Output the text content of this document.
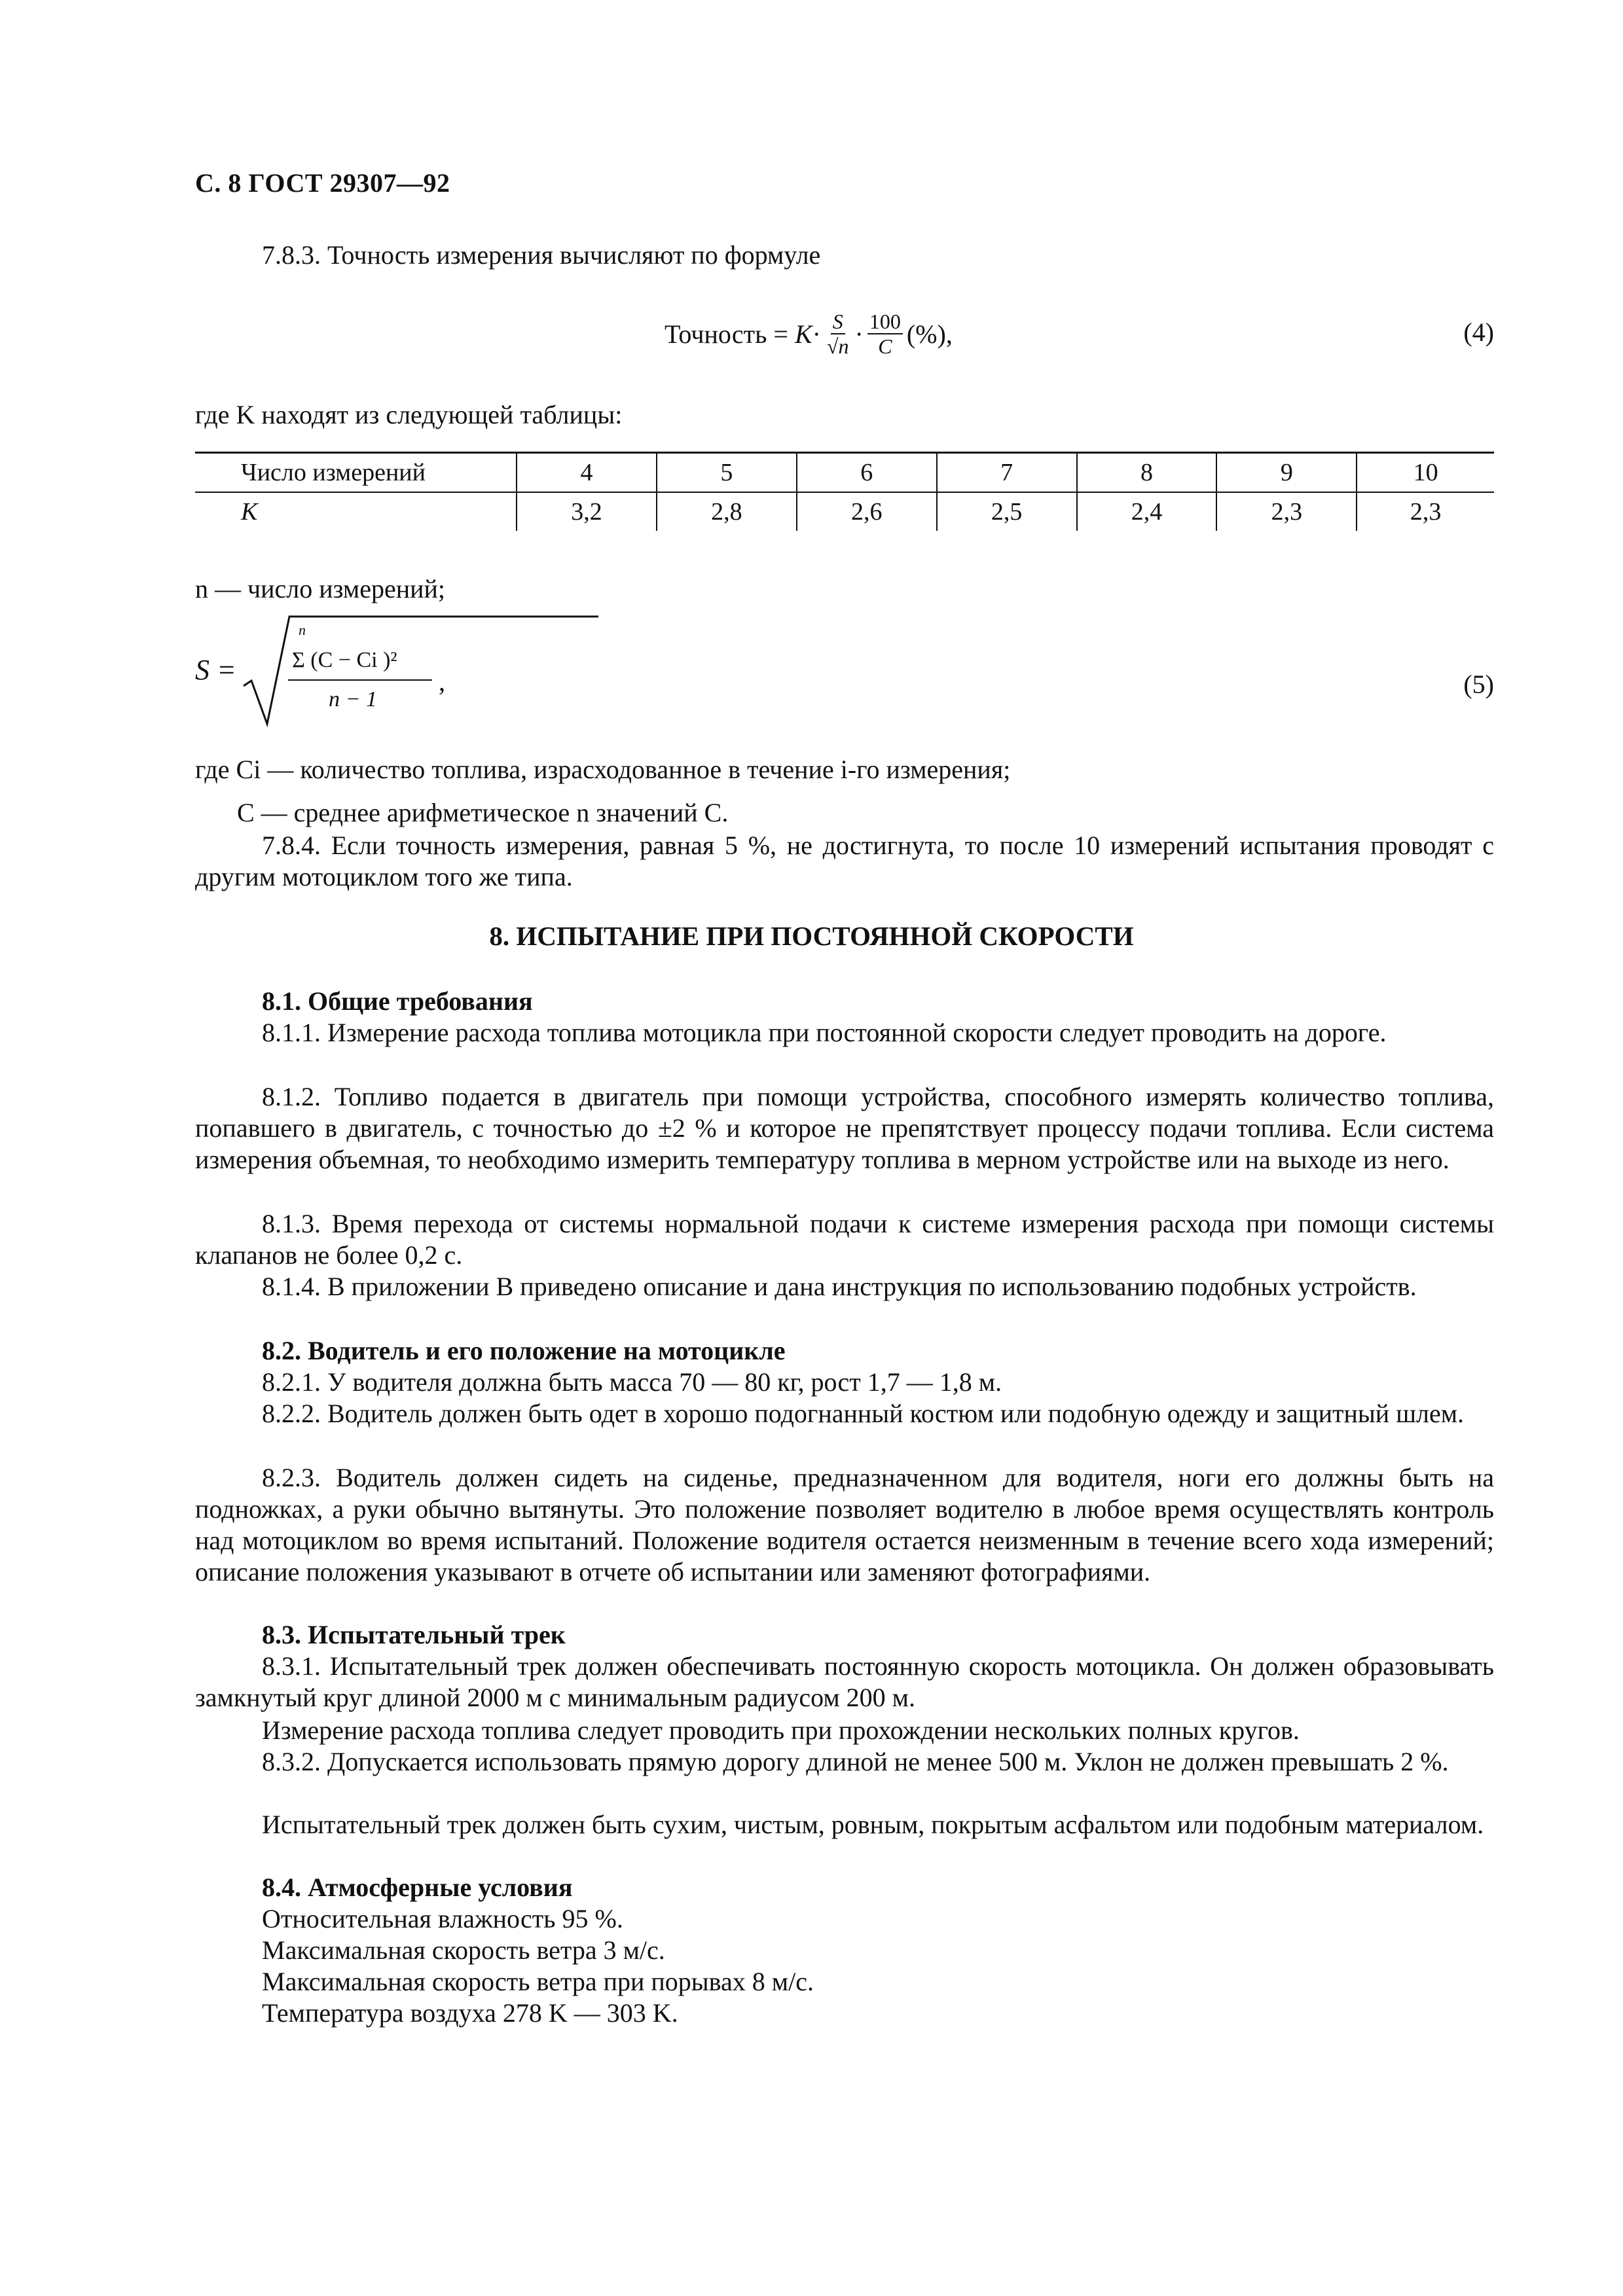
С. 8 ГОСТ 29307—92
7.8.3. Точность измерения вычисляют по формуле
Точность =
$K \cdot \frac{S}{√n} \cdot \frac{100}{C}$ (%),	(4)
где K находят из следующей таблицы:
Число измерений	4	5	6	7	8	9	10
K	3,2	2,8	2,6	2,5	2,4	2,3	2,3
n — число измерений;
S =
n
Σ (C − Ci )²
n − 1
,	(5)
где Ci — количество топлива, израсходованное в течение i-го измерения;
C — среднее арифметическое n значений C.
7.8.4. Если точность измерения, равная 5 %, не достигнута, то после 10 измерений испытания проводят с другим мотоциклом того же типа.
8. ИСПЫТАНИЕ ПРИ ПОСТОЯННОЙ СКОРОСТИ
8.1. Общие требования
8.1.1. Измерение расхода топлива мотоцикла при постоянной скорости следует проводить на дороге.
8.1.2. Топливо подается в двигатель при помощи устройства, способного измерять количество топлива, попавшего в двигатель, с точностью до ±2 % и которое не препятствует процессу подачи топлива. Если система измерения объемная, то необходимо измерить температуру топлива в мерном устройстве или на выходе из него.
8.1.3. Время перехода от системы нормальной подачи к системе измерения расхода при помощи системы клапанов не более 0,2 с.
8.1.4. В приложении В приведено описание и дана инструкция по использованию подобных устройств.
8.2. Водитель и его положение на мотоцикле
8.2.1. У водителя должна быть масса 70 — 80 кг, рост 1,7 — 1,8 м.
8.2.2. Водитель должен быть одет в хорошо подогнанный костюм или подобную одежду и защитный шлем.
8.2.3. Водитель должен сидеть на сиденье, предназначенном для водителя, ноги его должны быть на подножках, а руки обычно вытянуты. Это положение позволяет водителю в любое время осуществлять контроль над мотоциклом во время испытаний. Положение водителя остается неизменным в течение всего хода измерений; описание положения указывают в отчете об испытании или заменяют фотографиями.
8.3. Испытательный трек
8.3.1. Испытательный трек должен обеспечивать постоянную скорость мотоцикла. Он должен образовывать замкнутый круг длиной 2000 м с минимальным радиусом 200 м.
Измерение расхода топлива следует проводить при прохождении нескольких полных кругов.
8.3.2. Допускается использовать прямую дорогу длиной не менее 500 м. Уклон не должен превышать 2 %.
Испытательный трек должен быть сухим, чистым, ровным, покрытым асфальтом или подобным материалом.
8.4. Атмосферные условия
Относительная влажность 95 %.
Максимальная скорость ветра 3 м/с.
Максимальная скорость ветра при порывах 8 м/с.
Температура воздуха 278 K — 303 K.
